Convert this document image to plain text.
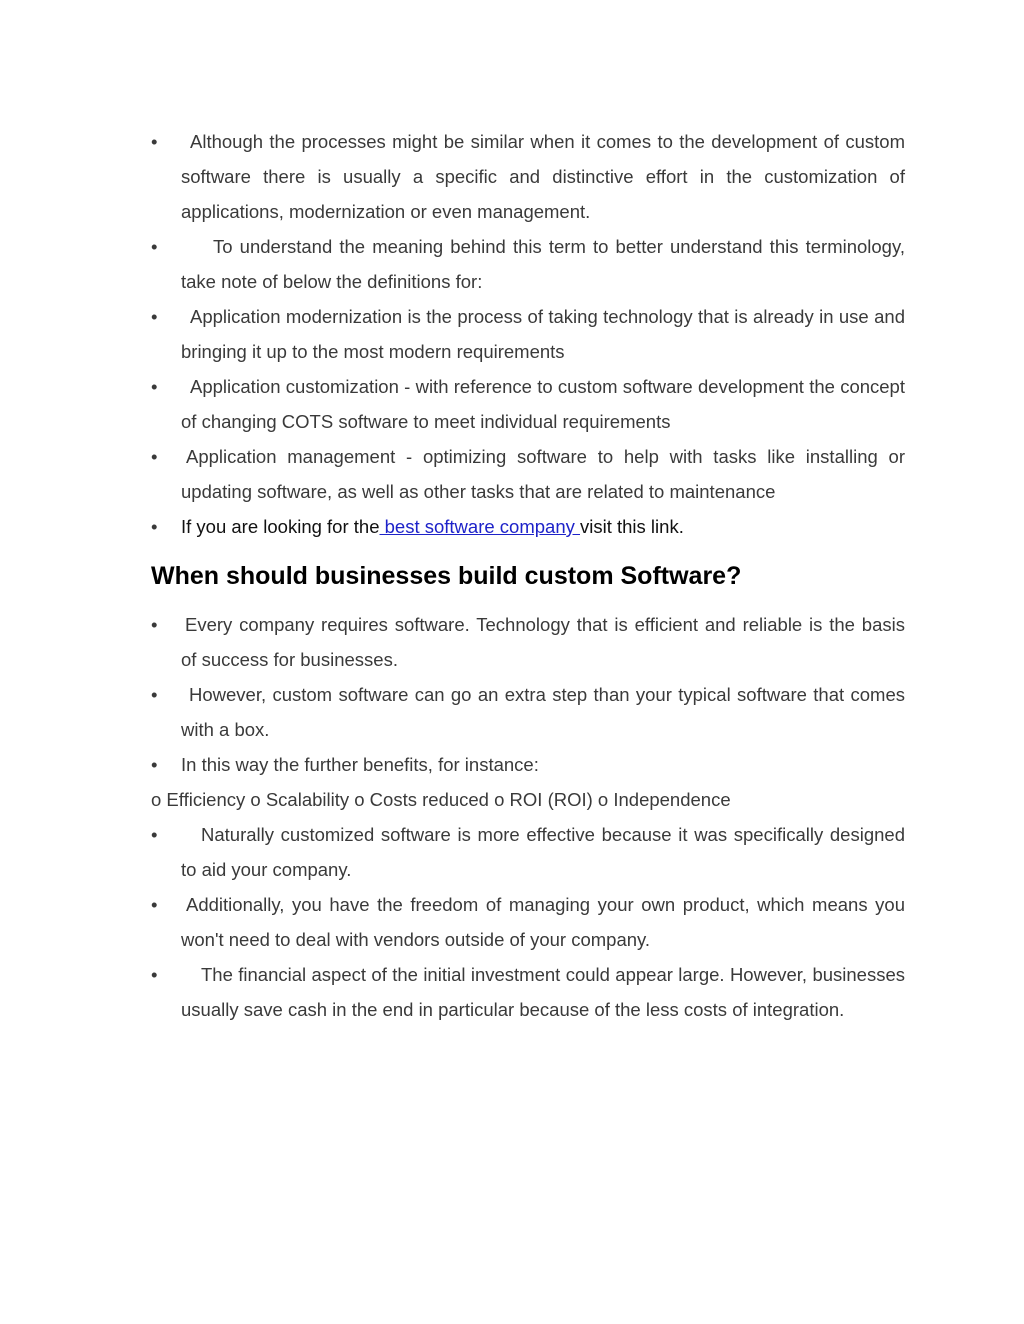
•	Although the processes might be similar when it comes to the development of custom software there is usually a specific and distinctive effort in the customization of applications, modernization or even management.
•	To understand the meaning behind this term to better understand this terminology, take note of below the definitions for:
•	Application modernization is the process of taking technology that is already in use and bringing it up to the most modern requirements
•	Application customization - with reference to custom software development the concept of changing COTS software to meet individual requirements
• Application management - optimizing software to help with tasks like installing or updating software, as well as other tasks that are related to maintenance
• If you are looking for the best software company visit this link.
When should businesses build custom Software?
• Every company requires software. Technology that is efficient and reliable is the basis of success for businesses.
•	However, custom software can go an extra step than your typical software that comes with a box.
• In this way the further benefits, for instance:
o Efficiency o Scalability o Costs reduced o ROI (ROI) o Independence
•	Naturally customized software is more effective because it was specifically designed to aid your company.
• Additionally, you have the freedom of managing your own product, which means you won't need to deal with vendors outside of your company.
•	The financial aspect of the initial investment could appear large. However, businesses usually save cash in the end in particular because of the less costs of integration.
